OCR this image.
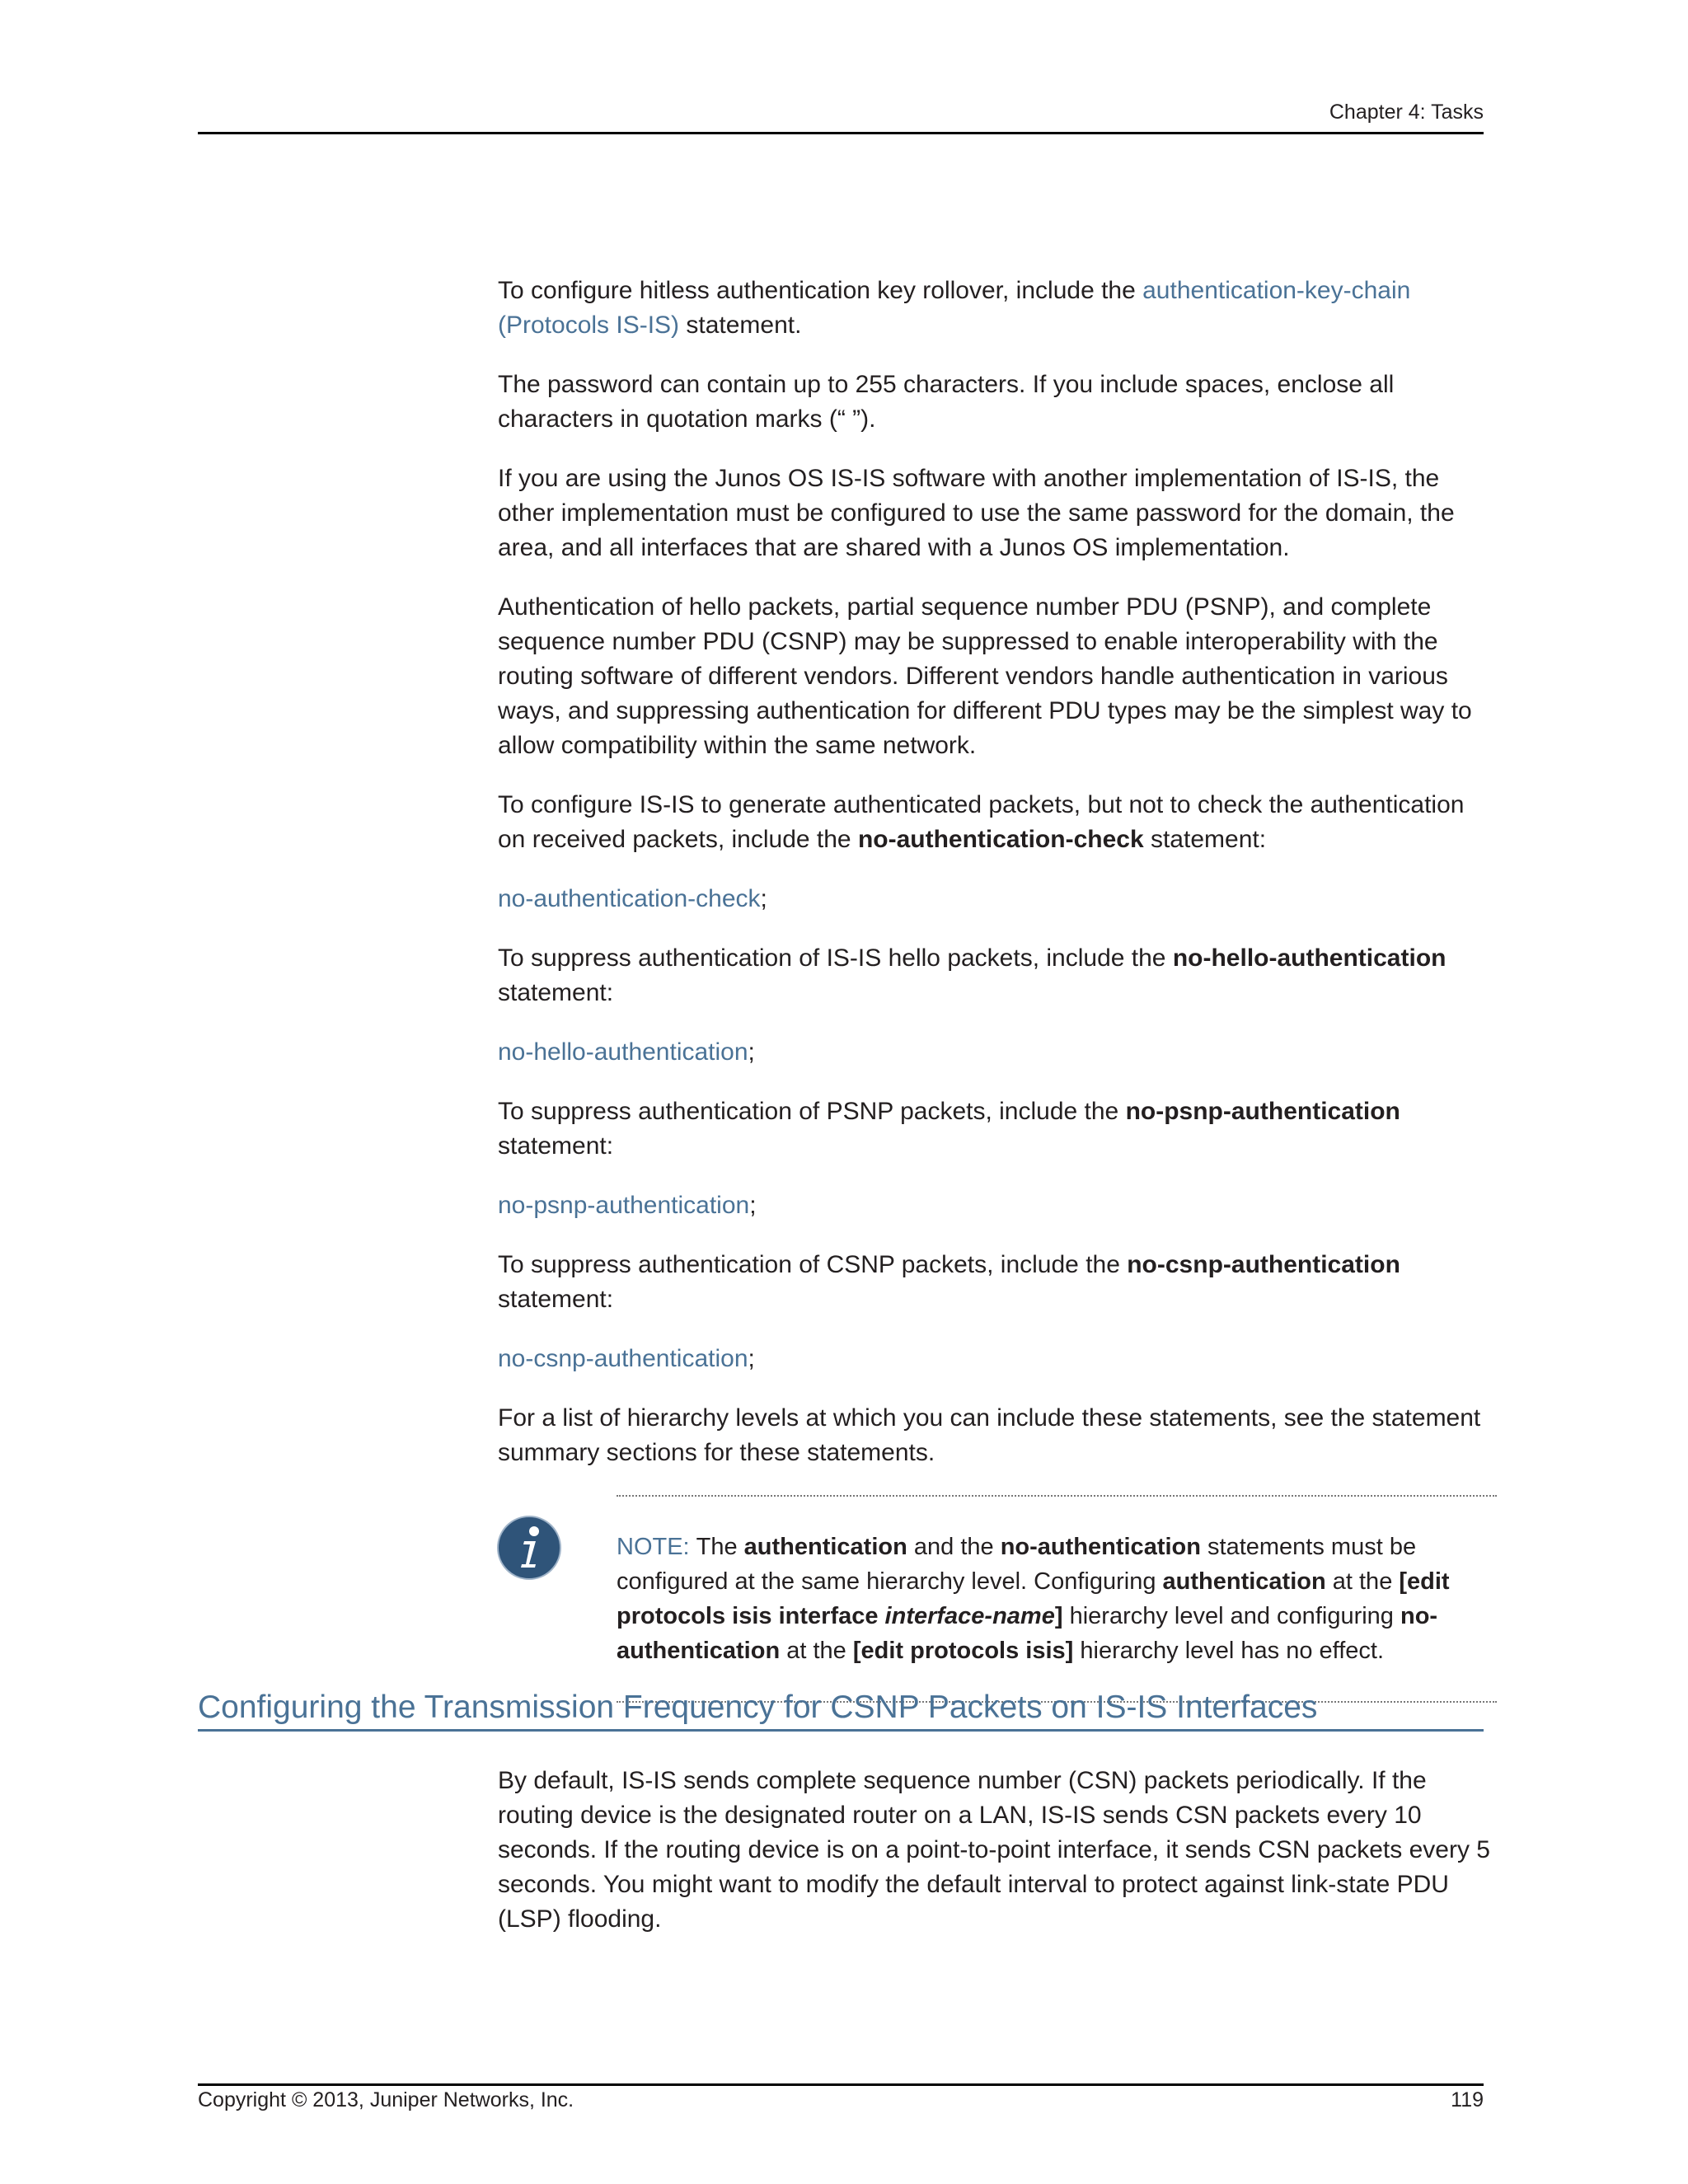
Chapter 4: Tasks

To configure hitless authentication key rollover, include the authentication-key-chain (Protocols IS-IS) statement.

The password can contain up to 255 characters. If you include spaces, enclose all characters in quotation marks (“ ”).

If you are using the Junos OS IS-IS software with another implementation of IS-IS, the other implementation must be configured to use the same password for the domain, the area, and all interfaces that are shared with a Junos OS implementation.

Authentication of hello packets, partial sequence number PDU (PSNP), and complete sequence number PDU (CSNP) may be suppressed to enable interoperability with the routing software of different vendors. Different vendors handle authentication in various ways, and suppressing authentication for different PDU types may be the simplest way to allow compatibility within the same network.

To configure IS-IS to generate authenticated packets, but not to check the authentication on received packets, include the no-authentication-check statement:

no-authentication-check;

To suppress authentication of IS-IS hello packets, include the no-hello-authentication statement:

no-hello-authentication;

To suppress authentication of PSNP packets, include the no-psnp-authentication statement:

no-psnp-authentication;

To suppress authentication of CSNP packets, include the no-csnp-authentication statement:

no-csnp-authentication;

For a list of hierarchy levels at which you can include these statements, see the statement summary sections for these statements.

NOTE: The authentication and the no-authentication statements must be configured at the same hierarchy level. Configuring authentication at the [edit protocols isis interface interface-name] hierarchy level and configuring no-authentication at the [edit protocols isis] hierarchy level has no effect.
Configuring the Transmission Frequency for CSNP Packets on IS-IS Interfaces

By default, IS-IS sends complete sequence number (CSN) packets periodically. If the routing device is the designated router on a LAN, IS-IS sends CSN packets every 10 seconds. If the routing device is on a point-to-point interface, it sends CSN packets every 5 seconds. You might want to modify the default interval to protect against link-state PDU (LSP) flooding.

Copyright © 2013, Juniper Networks, Inc.	119
